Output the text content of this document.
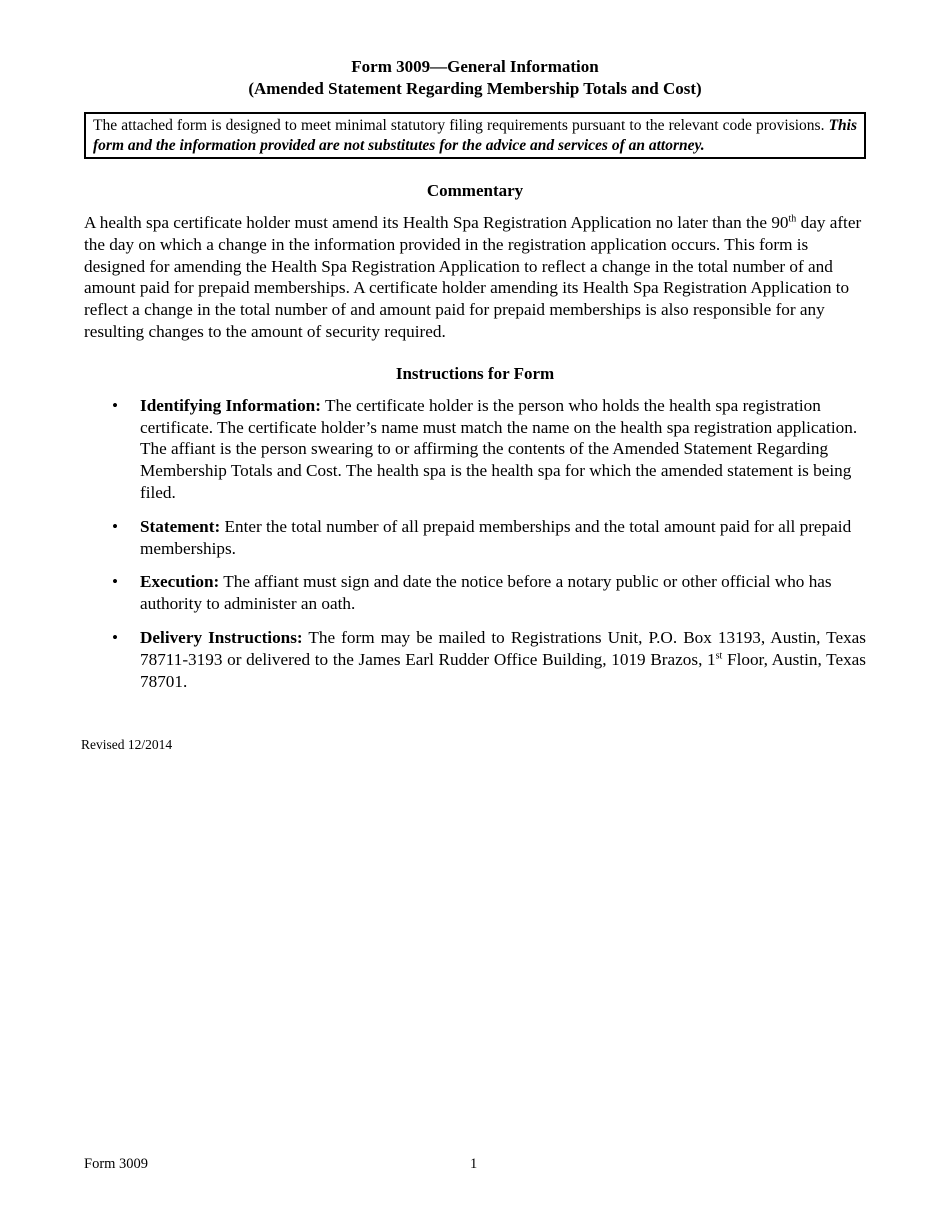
Form 3009—General Information

(Amended Statement Regarding Membership Totals and Cost)

The attached form is designed to meet minimal statutory filing requirements pursuant to the relevant code provisions. This form and the information provided are not substitutes for the advice and services of an attorney.
Commentary

A health spa certificate holder must amend its Health Spa Registration Application no later than the 90th day after the day on which a change in the information provided in the registration application occurs. This form is designed for amending the Health Spa Registration Application to reflect a change in the total number of and amount paid for prepaid memberships. A certificate holder amending its Health Spa Registration Application to reflect a change in the total number of and amount paid for prepaid memberships is also responsible for any resulting changes to the amount of security required.

Instructions for Form
• Identifying Information: The certificate holder is the person who holds the health spa registration certificate. The certificate holder’s name must match the name on the health spa registration application. The affiant is the person swearing to or affirming the contents of the Amended Statement Regarding Membership Totals and Cost. The health spa is the health spa for which the amended statement is being filed.
• Statement: Enter the total number of all prepaid memberships and the total amount paid for all prepaid memberships.
• Execution: The affiant must sign and date the notice before a notary public or other official who has authority to administer an oath.
• Delivery Instructions: The form may be mailed to Registrations Unit, P.O. Box 13193, Austin, Texas 78711-3193 or delivered to the James Earl Rudder Office Building, 1019 Brazos, 1st Floor, Austin, Texas 78701.
Revised 12/2014
Form 3009	1
